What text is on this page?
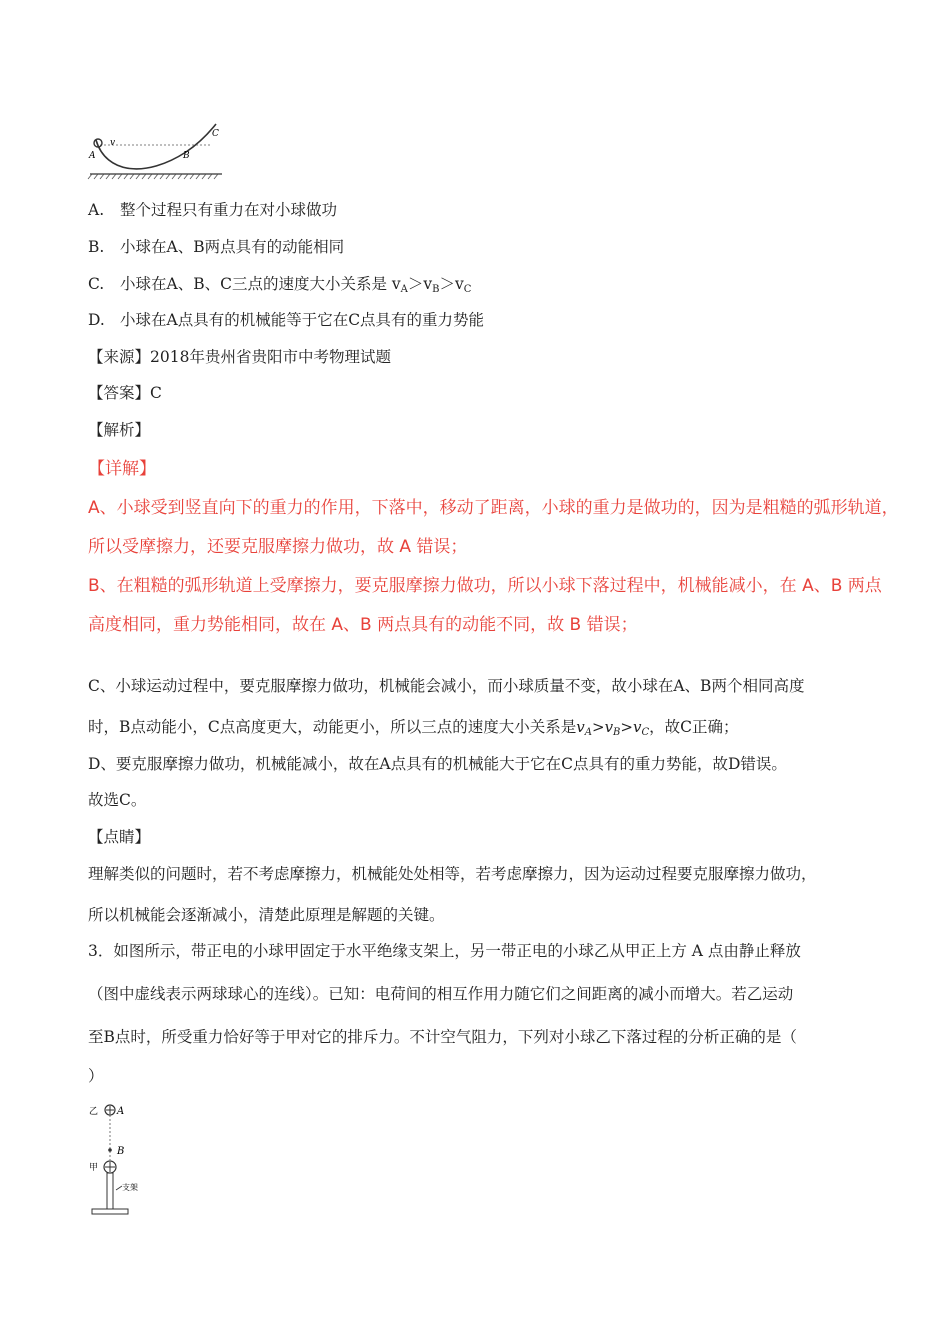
A
v
B
C
A. 整个过程只有重力在对小球做功
B. 小球在A、B两点具有的动能相同
C. 小球在A、B、C三点的速度大小关系是 $v_A>v_B>v_C$
D. 小球在A点具有的机械能等于它在C点具有的重力势能
【来源】2018年贵州省贵阳市中考物理试题
【答案】C
【解析】
【详解】
A、小球受到竖直向下的重力的作用，下落中，移动了距离，小球的重力是做功的，因为是粗糙的弧形轨道，
所以受摩擦力，还要克服摩擦力做功，故 A 错误；
B、在粗糙的弧形轨道上受摩擦力，要克服摩擦力做功，所以小球下落过程中，机械能减小，在 A、B 两点
高度相同，重力势能相同，故在 A、B 两点具有的动能不同，故 B 错误；
C、小球运动过程中，要克服摩擦力做功，机械能会减小，而小球质量不变，故小球在A、B两个相同高度
时，B点动能小，C点高度更大，动能更小，所以三点的速度大小关系是$v_A>v_B>v_C$，故C正确；
D、要克服摩擦力做功，机械能减小，故在A点具有的机械能大于它在C点具有的重力势能，故D错误。
故选C。
【点睛】
理解类似的问题时，若不考虑摩擦力，机械能处处相等，若考虑摩擦力，因为运动过程要克服摩擦力做功，
所以机械能会逐渐减小，清楚此原理是解题的关键。
3．如图所示，带正电的小球甲固定于水平绝缘支架上，另一带正电的小球乙从甲正上方 A 点由静止释放
（图中虚线表示两球球心的连线）。已知：电荷间的相互作用力随它们之间距离的减小而增大。若乙运动
至B点时，所受重力恰好等于甲对它的排斥力。不计空气阻力，下列对小球乙下落过程的分析正确的是（
）
乙 A
B
甲
支架
